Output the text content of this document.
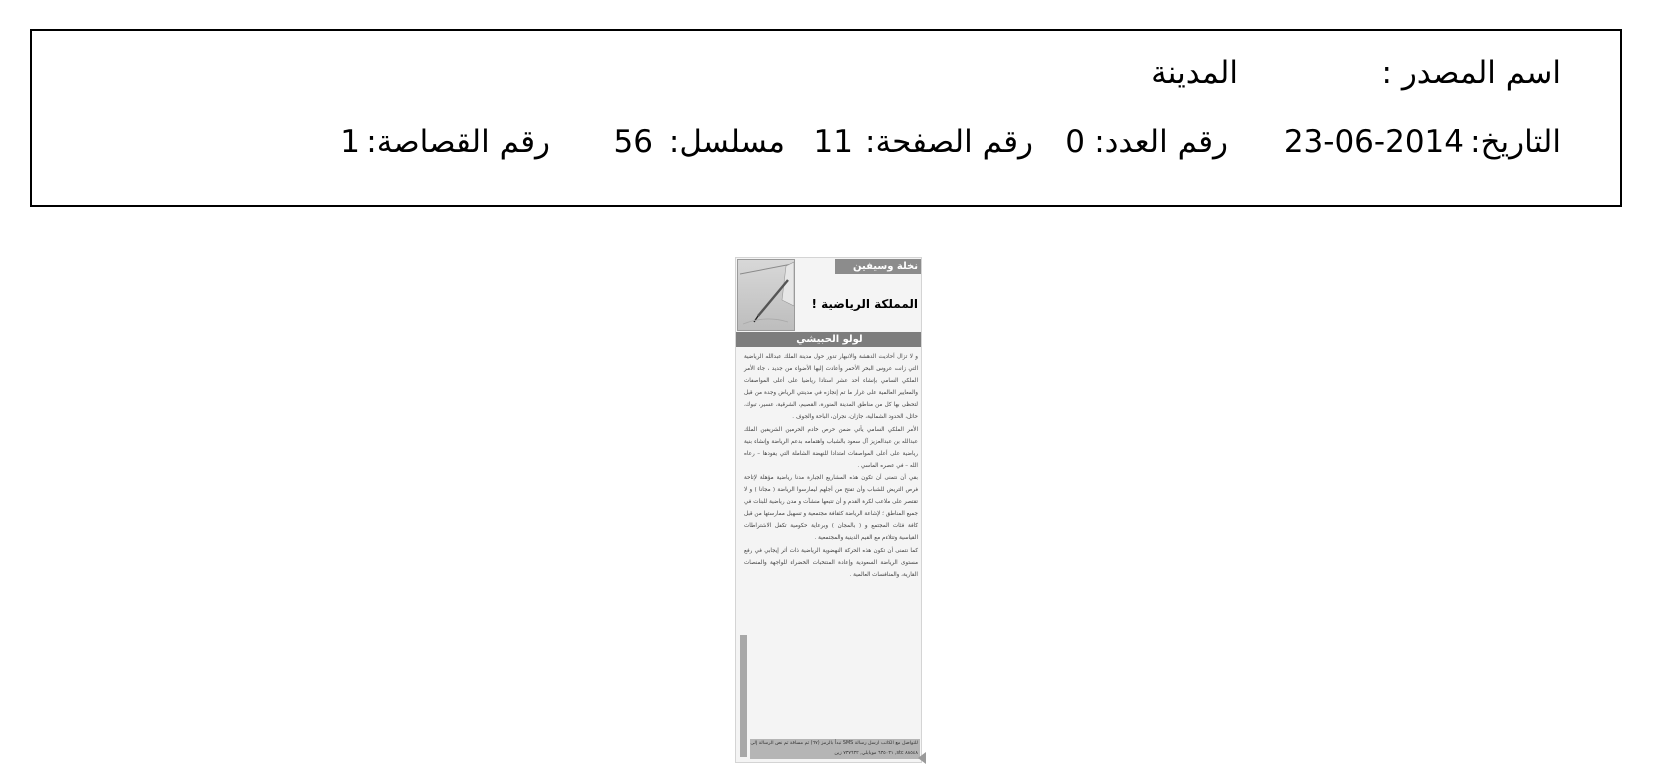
اسم المصدر :
المدينة
التاريخ:
23-06-2014
رقم العدد:
0
رقم الصفحة:
11
مسلسل:
56
رقم القصاصة:
1
نخلة وسيفين
المملكة الرياضية !
لولو الحبيشي

و لا تزال أحاديث الدهشة والانبهار تدور حول مدينة الملك عبدالله الرياضية التي زانت عروس البحر الأحمر وأعادت إليها الأضواء من جديد ، جاء الأمر الملكي السامي بإنشاء أحد عشر استادا رياضيا على أعلى المواصفات والمعايير العالمية على غرار ما تم إنجازه في مدينتي الرياض وجدة من قبل لتحظى بها كل من مناطق المدينة المنورة، القصيم، الشرقية، عسير، تبوك، حائل، الحدود الشمالية، جازان، نجران، الباحة والجوف .

الأمر الملكي السامي يأتي ضمن حرص خادم الحرمين الشريفين الملك عبدالله بن عبدالعزيز آل سعود بالشباب واهتمامه بدعم الرياضة وإنشاء بنية رياضية على أعلى المواصفات امتدادا للنهضة الشاملة التي يقودها – رعاه الله – في عصره الماسي .

بقي أن نتمنى أن تكون هذه المشاريع الجبارة مدنا رياضية مؤهلة لإتاحة فرص التريض للشباب وأن تفتح من أجلهم ليمارسوا الرياضة ( مجانا ) و لا تقتصر على ملاعب لكرة القدم و أن تتبعها منشآت و مدن رياضية للبنات في جميع المناطق ؛ لإشاعة الرياضة كثقافة مجتمعية و تسهيل ممارستها من قبل كافة فئات المجتمع و ( بالمجان ) وبرعاية حكومية تكفل الاشتراطات القياسية وتتلاءم مع القيم الدينية والمجتمعية .

كما نتمنى أن تكون هذه الحركة النهضوية الرياضية ذات أثر إيجابي في رفع مستوى الرياضة السعودية وإعادة المنتخبات الخضراء للواجهة والمنصات القارية، والمنافسات العالمية .

للتواصل مع الكاتب ارسل رسالة SMS تبدأ بالرمز (٦٧) ثم مسافة ثم نص الرسالة إلى ٨٨٥٤٨ stc, ٦٣٥٠٣١ موبايلي, ٧٣٧٦٣٢ زين
